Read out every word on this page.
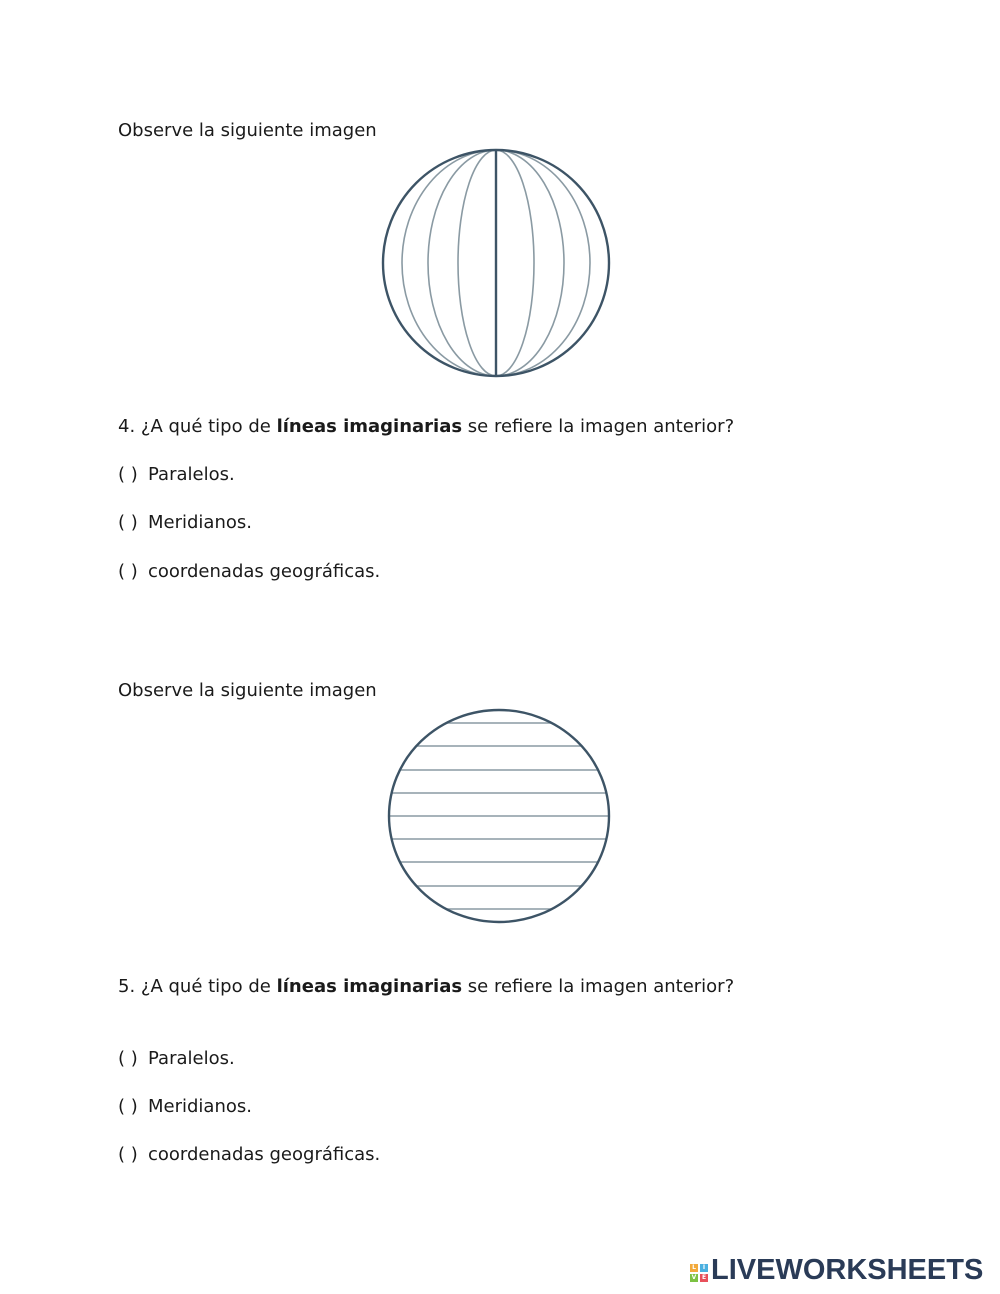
Observe la siguiente imagen
4. ¿A qué tipo de líneas imaginarias se refiere la imagen anterior?
( ) Paralelos.
( ) Meridianos.
( ) coordenadas geográficas.
Observe la siguiente imagen
5. ¿A qué tipo de líneas imaginarias se refiere la imagen anterior?
( ) Paralelos.
( ) Meridianos.
( ) coordenadas geográficas.
L	I
V E LIVEWORKSHEETS
